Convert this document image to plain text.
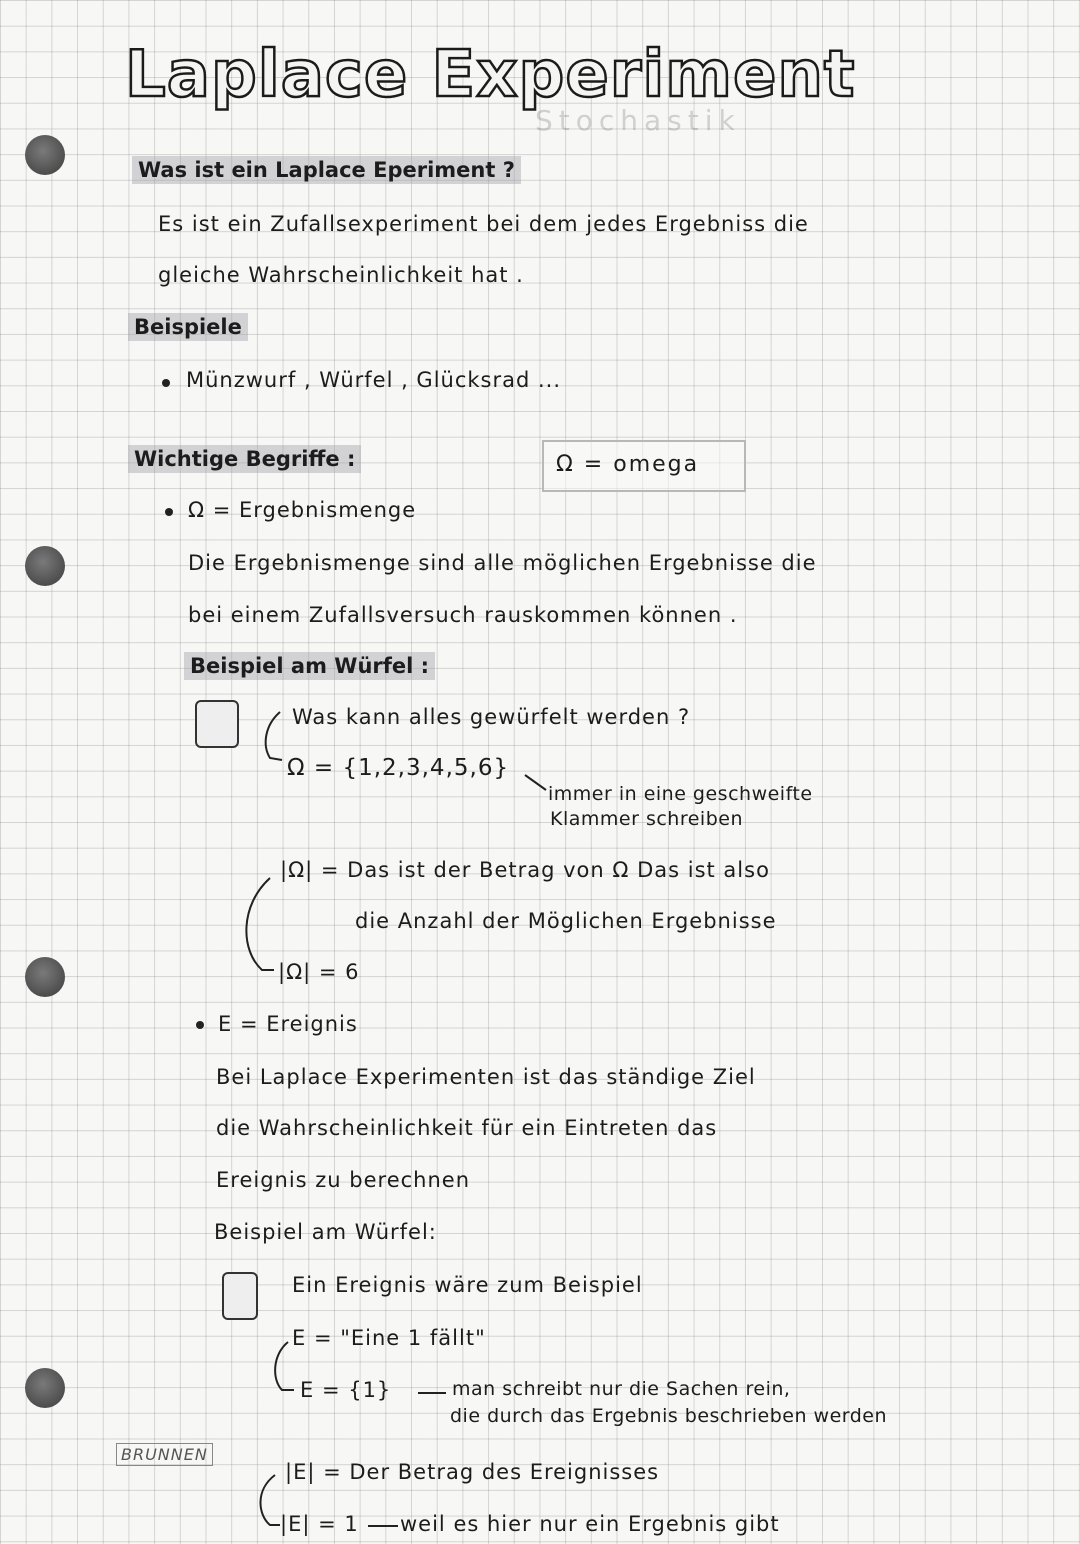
Laplace Experiment
Stochastik
Was ist ein Laplace Eperiment ?
Es ist ein Zufallsexperiment bei dem jedes Ergebniss die
gleiche Wahrscheinlichkeit hat .
Beispiele
Münzwurf , Würfel , Glücksrad ...
Wichtige Begriffe :	Ω = omega
Ω = Ergebnismenge
Die Ergebnismenge sind alle möglichen Ergebnisse die
bei einem Zufallsversuch rauskommen können .
Beispiel am Würfel :
Was kann alles gewürfelt werden ?
Ω = {1,2,3,4,5,6}
immer in eine geschweifte
Klammer schreiben
|Ω| = Das ist der Betrag von Ω Das ist also
die Anzahl der Möglichen Ergebnisse
|Ω| = 6
E = Ereignis
Bei Laplace Experimenten ist das ständige Ziel
die Wahrscheinlichkeit für ein Eintreten das
Ereignis zu berechnen
Beispiel am Würfel:
Ein Ereignis wäre zum Beispiel
E = "Eine 1 fällt"
E = {1}	man schreibt nur die Sachen rein,
die durch das Ergebnis beschrieben werden
|E| = Der Betrag des Ereignisses
|E| = 1 weil es hier nur ein Ergebnis gibt
BRUNNEN
